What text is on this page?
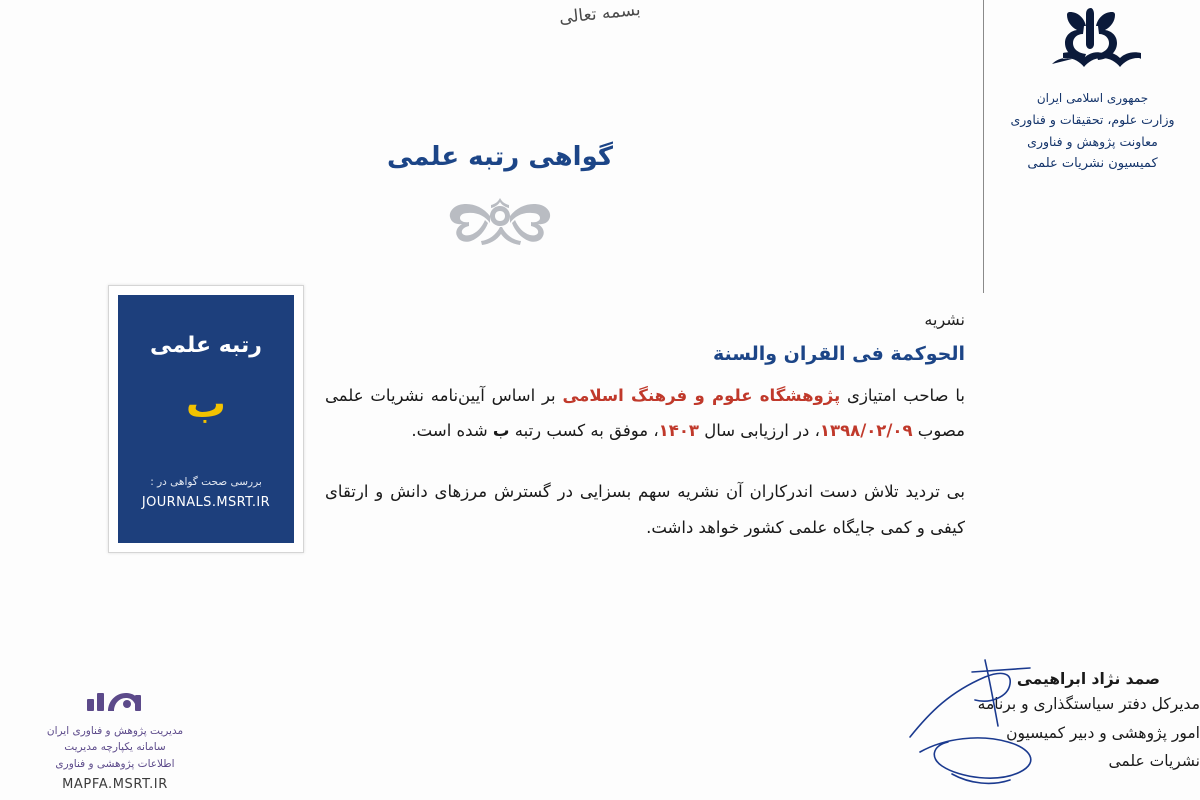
بسمه تعالی
جمهوری اسلامی ایران
وزارت علوم، تحقیقات و فناوری
معاونت پژوهش و فناوری
کمیسیون نشریات علمی
گواهی رتبه علمی
نشریه
الحوكمة فى القران والسنة
با صاحب امتیازی پژوهشگاه علوم و فرهنگ اسلامی بر اساس آیین‌نامه نشریات علمی مصوب ۱۳۹۸/۰۲/۰۹، در ارزیابی سال ۱۴۰۳، موفق به کسب رتبه ب شده است.
بی تردید تلاش دست اندرکاران آن نشریه سهم بسزایی در گسترش مرزهای دانش و ارتقای کیفی و کمی جایگاه علمی کشور خواهد داشت.
رتبه علمی
ب
بررسی صحت گواهی در :
JOURNALS.MSRT.IR
صمد نژاد ابراهیمی
مدیرکل دفتر سیاستگذاری و برنامه
امور پژوهشی و دبیر کمیسیون
نشریات علمی
مدیریت پژوهش و فناوری ایران
سامانه یکپارچه مدیریت
اطلاعات پژوهشی و فناوری
MAPFA.MSRT.IR
